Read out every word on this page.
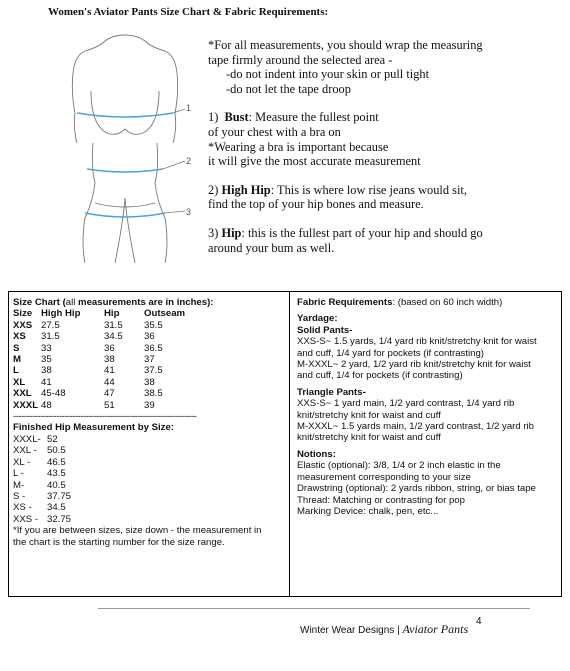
Women's Aviator Pants Size Chart & Fabric Requirements:
1
2
3

*For all measurements, you should wrap the measuring

tape firmly around the selected area -

-do not indent into your skin or pull tight

-do not let the tape droop

1) Bust: Measure the fullest point

of your chest with a bra on

*Wearing a bra is important because

it will give the most accurate measurement

2) High Hip: This is where low rise jeans would sit,

find the top of your hip bones and measure.

3) Hip: this is the fullest part of your hip and should go

around your bum as well.

Size Chart (all measurements are in inches):
Size High Hip	Hip	Outseam
XXS 27.5	31.5	35.5
XS	31.5	34.5	36
S	33	36	36.5
M	35	38	37
L	38	41	37.5
XL	41	44	38
XXL 45-48	47	38.5
XXXL 48	51	39
--------------------------------------------------------------------
Finished Hip Measurement by Size:
XXXL- 52
XXL -	50.5
XL -	46.5
L -	43.5
M-	40.5
S -	37.75
XS -	34.5
XXS - 32.75
*If you are between sizes, size down - the measurement in
the chart is the starting number for the size range.
Fabric Requirements: (based on 60 inch width)
Yardage:
Solid Pants-
XXS-S~ 1.5 yards, 1/4 yard rib knit/stretchy knit for waist
and cuff, 1/4 yard for pockets (if contrasting)
M-XXXL~ 2 yard, 1/2 yard rib knit/stretchy knit for waist
and cuff, 1/4 for pockets (if contrasting)
Triangle Pants-
XXS-S~ 1 yard main, 1/2 yard contrast, 1/4 yard rib
knit/stretchy knit for waist and cuff
M-XXXL~ 1.5 yards main, 1/2 yard contrast, 1/2 yard rib
knit/stretchy knit for waist and cuff
Notions:
Elastic (optional): 3/8, 1/4 or 2 inch elastic in the
measurement corresponding to your size
Drawstring (optional): 2 yards ribbon, string, or bias tape
Thread: Matching or contrasting for pop
Marking Device: chalk, pen, etc...
Winter Wear Designs | Aviator Pants
4
